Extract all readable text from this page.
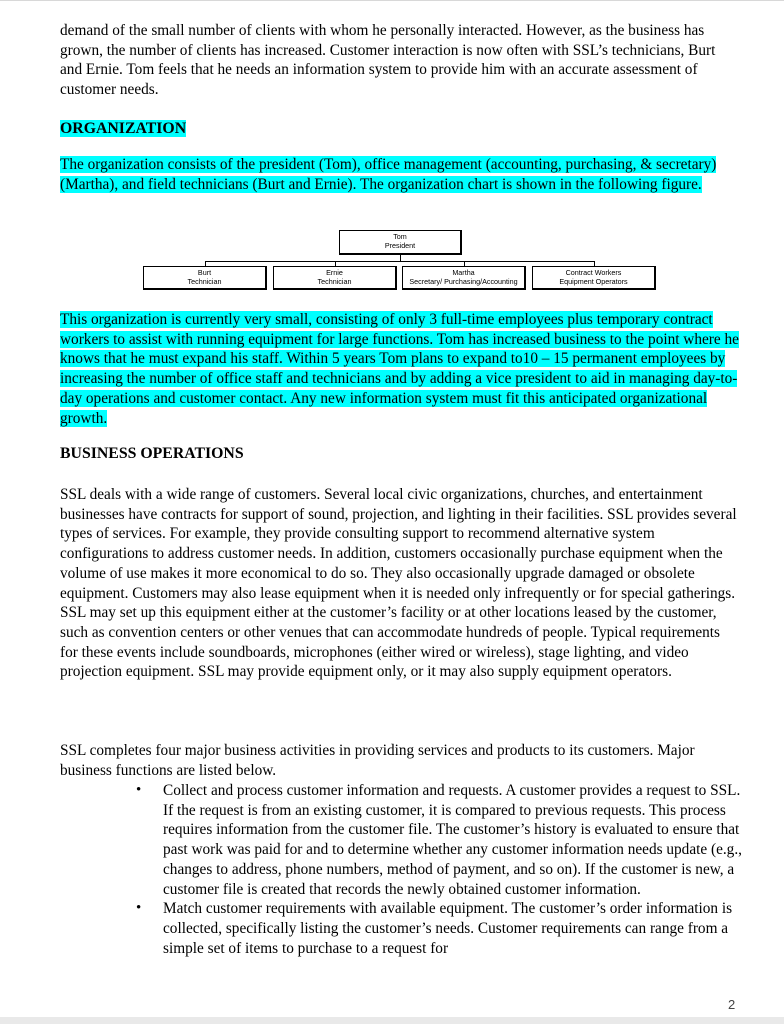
demand of the small number of clients with whom he personally interacted. However, as the business has grown, the number of clients has increased. Customer interaction is now often with SSL’s technicians, Burt and Ernie. Tom feels that he needs an information system to provide him with an accurate assessment of customer needs.
ORGANIZATION
The organization consists of the president (Tom), office management (accounting, purchasing, & secretary) (Martha), and field technicians (Burt and Ernie). The organization chart is shown in the following figure.
Tom
President
Burt
Technician
Ernie
Technician
Martha
Secretary/ Purchasing/Accounting
Contract Workers
Equipment Operators
This organization is currently very small, consisting of only 3 full-time employees plus temporary contract workers to assist with running equipment for large functions. Tom has increased business to the point where he knows that he must expand his staff. Within 5 years Tom plans to expand to10 – 15 permanent employees by increasing the number of office staff and technicians and by adding a vice president to aid in managing day-to-day operations and customer contact. Any new information system must fit this anticipated organizational growth.
BUSINESS OPERATIONS
SSL deals with a wide range of customers. Several local civic organizations, churches, and entertainment businesses have contracts for support of sound, projection, and lighting in their facilities. SSL provides several types of services. For example, they provide consulting support to recommend alternative system configurations to address customer needs. In addition, customers occasionally purchase equipment when the volume of use makes it more economical to do so. They also occasionally upgrade damaged or obsolete equipment. Customers may also lease equipment when it is needed only infrequently or for special gatherings. SSL may set up this equipment either at the customer’s facility or at other locations leased by the customer, such as convention centers or other venues that can accommodate hundreds of people. Typical requirements for these events include soundboards, microphones (either wired or wireless), stage lighting, and video projection equipment. SSL may provide equipment only, or it may also supply equipment operators.
SSL completes four major business activities in providing services and products to its customers. Major business functions are listed below.
• Collect and process customer information and requests. A customer provides a request to SSL. If the request is from an existing customer, it is compared to previous requests. This process requires information from the customer file. The customer’s history is evaluated to ensure that past work was paid for and to determine whether any customer information needs update (e.g., changes to address, phone numbers, method of payment, and so on). If the customer is new, a customer file is created that records the newly obtained customer information.
• Match customer requirements with available equipment. The customer’s order information is collected, specifically listing the customer’s needs. Customer requirements can range from a simple set of items to purchase to a request for
2
